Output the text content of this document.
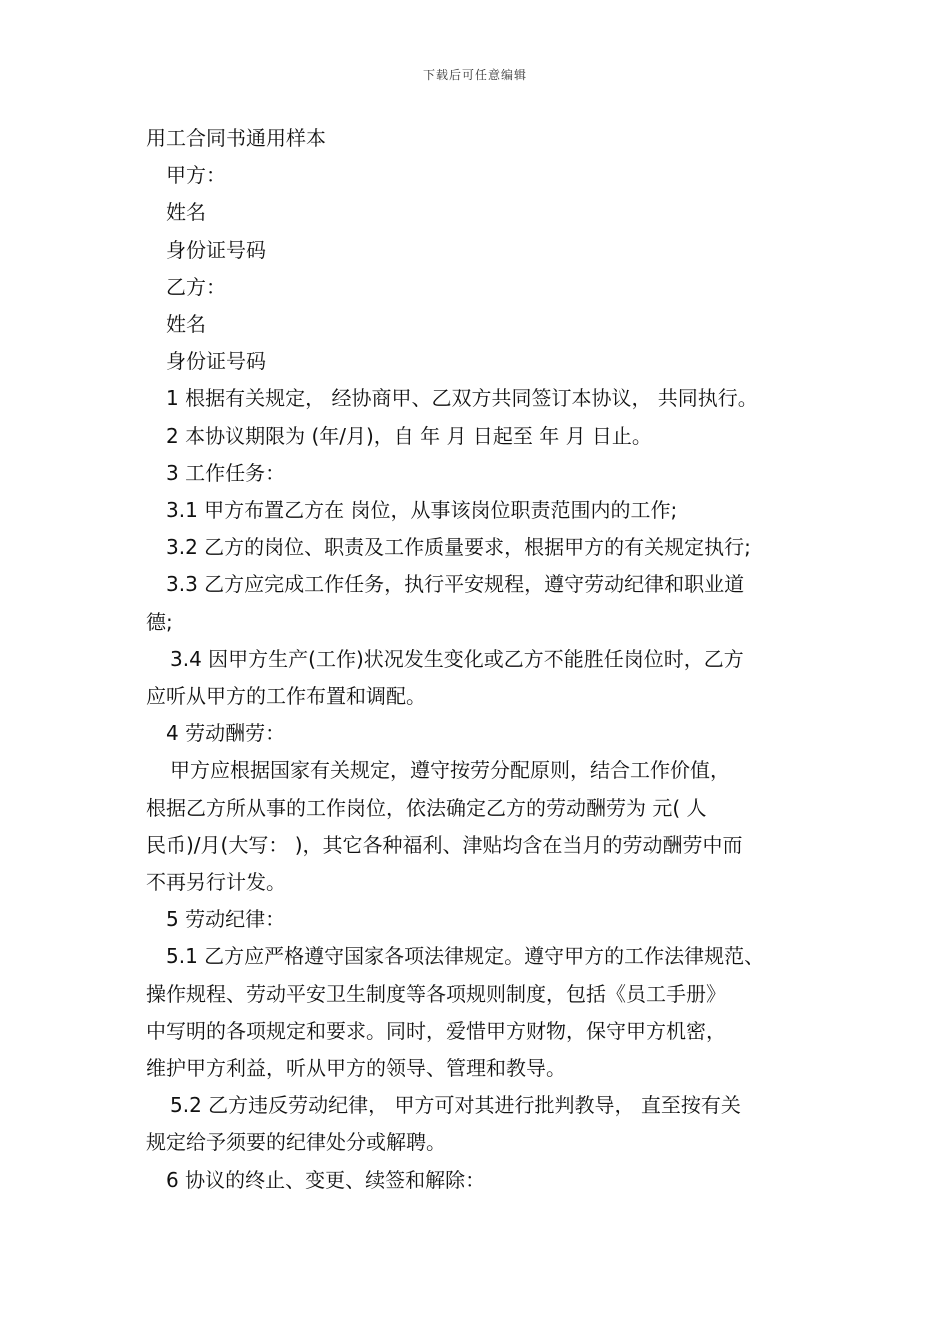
下载后可任意编辑

用工合同书通用样本

甲方：

姓名

身份证号码

乙方：

姓名

身份证号码

1 根据有关规定， 经协商甲、乙双方共同签订本协议， 共同执行。

2 本协议期限为 (年/月)，自 年 月 日起至 年 月 日止。

3 工作任务：

3.1 甲方布置乙方在 岗位，从事该岗位职责范围内的工作;

3.2 乙方的岗位、职责及工作质量要求，根据甲方的有关规定执行;

3.3 乙方应完成工作任务，执行平安规程，遵守劳动纪律和职业道

德;

3.4 因甲方生产(工作)状况发生变化或乙方不能胜任岗位时，乙方

应听从甲方的工作布置和调配。

4 劳动酬劳：

甲方应根据国家有关规定，遵守按劳分配原则，结合工作价值，

根据乙方所从事的工作岗位，依法确定乙方的劳动酬劳为 元( 人

民币)/月(大写： )，其它各种福利、津贴均含在当月的劳动酬劳中而

不再另行计发。

5 劳动纪律：

5.1 乙方应严格遵守国家各项法律规定。遵守甲方的工作法律规范、

操作规程、劳动平安卫生制度等各项规则制度，包括《员工手册》

中写明的各项规定和要求。同时，爱惜甲方财物，保守甲方机密，

维护甲方利益，听从甲方的领导、管理和教导。

5.2 乙方违反劳动纪律， 甲方可对其进行批判教导， 直至按有关

规定给予须要的纪律处分或解聘。

6 协议的终止、变更、续签和解除：
